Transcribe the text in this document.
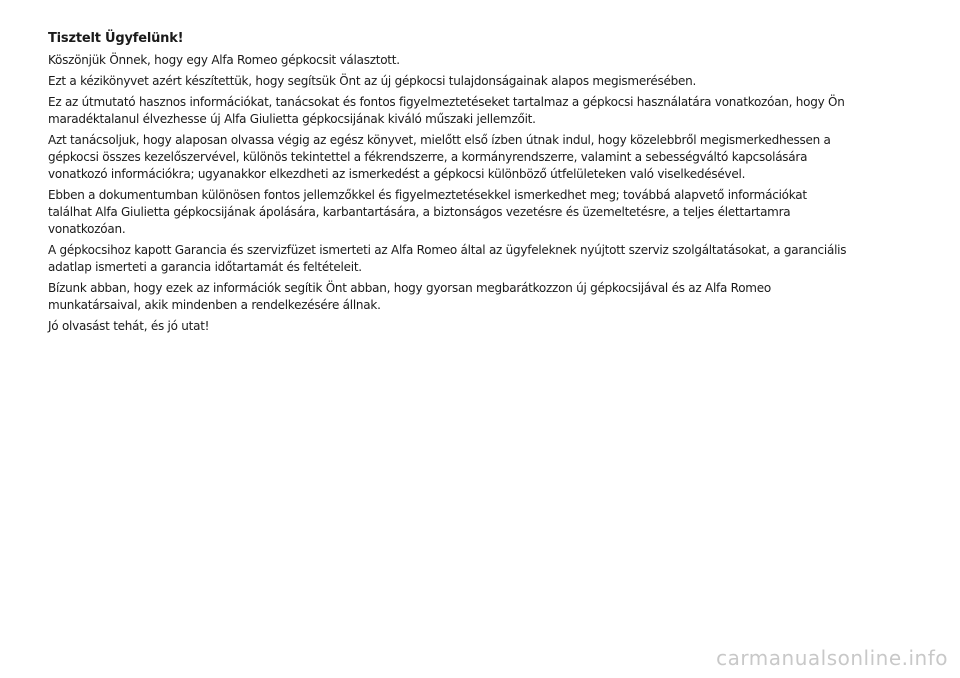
Tisztelt Ügyfelünk!

Köszönjük Önnek, hogy egy Alfa Romeo gépkocsit választott.

Ezt a kézikönyvet azért készítettük, hogy segítsük Önt az új gépkocsi tulajdonságainak alapos megismerésében.

Ez az útmutató hasznos információkat, tanácsokat és fontos figyelmeztetéseket tartalmaz a gépkocsi használatára vonatkozóan, hogy Ön maradéktalanul élvezhesse új Alfa Giulietta gépkocsijának kiváló műszaki jellemzőit.

Azt tanácsoljuk, hogy alaposan olvassa végig az egész könyvet, mielőtt első ízben útnak indul, hogy közelebbről megismerkedhessen a gépkocsi összes kezelőszervével, különös tekintettel a fékrendszerre, a kormányrendszerre, valamint a sebességváltó kapcsolására vonatkozó információkra; ugyanakkor elkezdheti az ismerkedést a gépkocsi különböző útfelületeken való viselkedésével.

Ebben a dokumentumban különösen fontos jellemzőkkel és figyelmeztetésekkel ismerkedhet meg; továbbá alapvető információkat találhat Alfa Giulietta gépkocsijának ápolására, karbantartására, a biztonságos vezetésre és üzemeltetésre, a teljes élettartamra vonatkozóan.

A gépkocsihoz kapott Garancia és szervizfüzet ismerteti az Alfa Romeo által az ügyfeleknek nyújtott szerviz szolgáltatásokat, a garanciális adatlap ismerteti a garancia időtartamát és feltételeit.

Bízunk abban, hogy ezek az információk segítik Önt abban, hogy gyorsan megbarátkozzon új gépkocsijával és az Alfa Romeo munkatársaival, akik mindenben a rendelkezésére állnak.

Jó olvasást tehát, és jó utat!

carmanualsonline.info
